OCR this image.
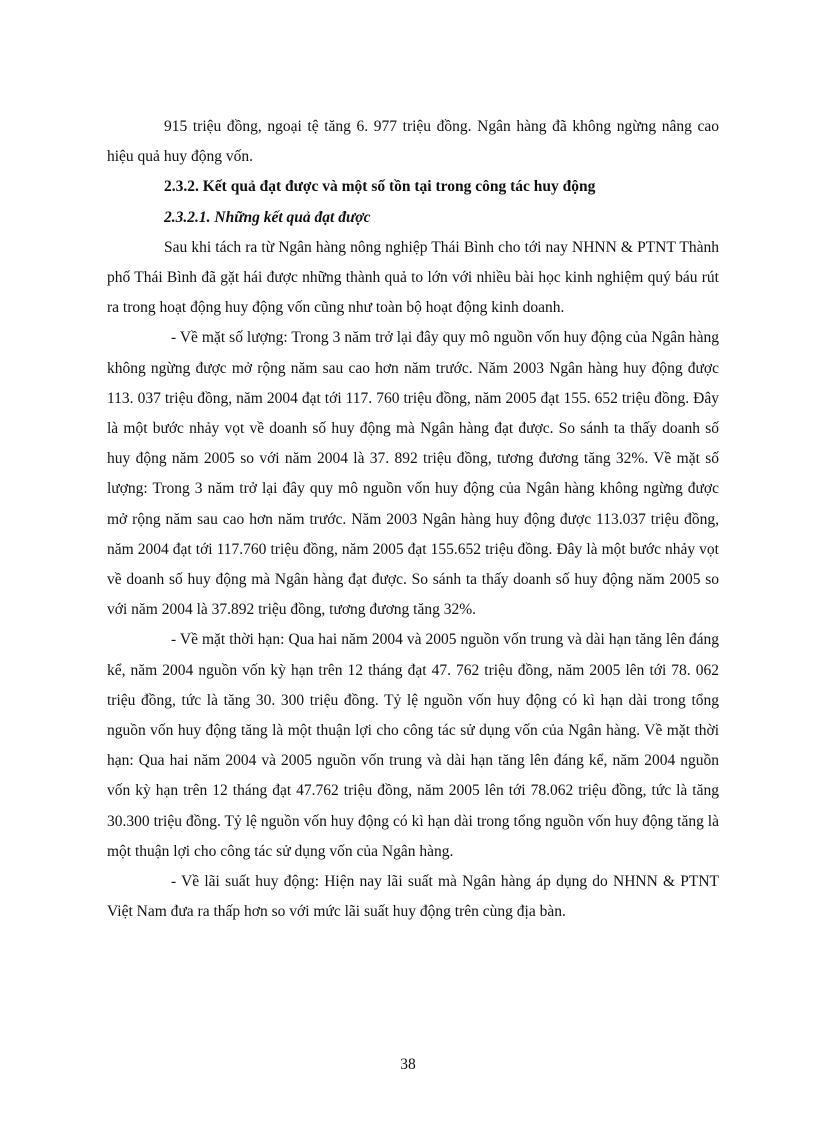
915 triệu đồng, ngoại tệ tăng 6. 977 triệu đồng. Ngân hàng đã không ngừng nâng cao hiệu quả huy động vốn.

2.3.2. Kết quả đạt được và một số tồn tại trong công tác huy động

2.3.2.1. Những kết quả đạt được

Sau khi tách ra từ Ngân hàng nông nghiệp Thái Bình cho tới nay NHNN & PTNT Thành phố Thái Bình đã gặt hái được những thành quả to lớn với nhiều bài học kinh nghiệm quý báu rút ra trong hoạt động huy động vốn cũng như toàn bộ hoạt động kinh doanh.

- Về mặt số lượng: Trong 3 năm trở lại đây quy mô nguồn vốn huy động của Ngân hàng không ngừng được mở rộng năm sau cao hơn năm trước. Năm 2003 Ngân hàng huy động được 113. 037 triệu đồng, năm 2004 đạt tới 117. 760 triệu đồng, năm 2005 đạt 155. 652 triệu đồng. Đây là một bước nhảy vọt về doanh số huy động mà Ngân hàng đạt được. So sánh ta thấy doanh số huy động năm 2005 so với năm 2004 là 37. 892 triệu đồng, tương đương tăng 32%. Về mặt số lượng: Trong 3 năm trở lại đây quy mô nguồn vốn huy động của Ngân hàng không ngừng được mở rộng năm sau cao hơn năm trước. Năm 2003 Ngân hàng huy động được 113.037 triệu đồng, năm 2004 đạt tới 117.760 triệu đồng, năm 2005 đạt 155.652 triệu đồng. Đây là một bước nhảy vọt về doanh số huy động mà Ngân hàng đạt được. So sánh ta thấy doanh số huy động năm 2005 so với năm 2004 là 37.892 triệu đồng, tương đương tăng 32%.

- Về mặt thời hạn: Qua hai năm 2004 và 2005 nguồn vốn trung và dài hạn tăng lên đáng kể, năm 2004 nguồn vốn kỳ hạn trên 12 tháng đạt 47. 762 triệu đồng, năm 2005 lên tới 78. 062 triệu đồng, tức là tăng 30. 300 triệu đồng. Tỷ lệ nguồn vốn huy động có kì hạn dài trong tổng nguồn vốn huy động tăng là một thuận lợi cho công tác sử dụng vốn của Ngân hàng. Về mặt thời hạn: Qua hai năm 2004 và 2005 nguồn vốn trung và dài hạn tăng lên đáng kể, năm 2004 nguồn vốn kỳ hạn trên 12 tháng đạt 47.762 triệu đồng, năm 2005 lên tới 78.062 triệu đồng, tức là tăng 30.300 triệu đồng. Tỷ lệ nguồn vốn huy động có kì hạn dài trong tổng nguồn vốn huy động tăng là một thuận lợi cho công tác sử dụng vốn của Ngân hàng.

- Về lãi suất huy động: Hiện nay lãi suất mà Ngân hàng áp dụng do NHNN & PTNT Việt Nam đưa ra thấp hơn so với mức lãi suất huy động trên cùng địa bàn.

38
